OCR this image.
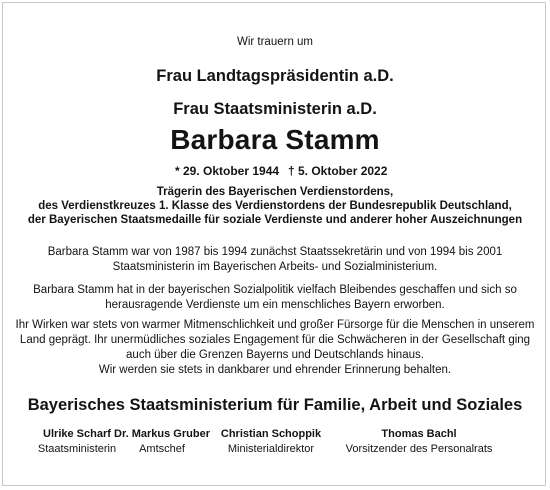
Wir trauern um
Frau Landtagspräsidentin a.D.
Frau Staatsministerin a.D.
Barbara Stamm
* 29. Oktober 1944 † 5. Oktober 2022
Trägerin des Bayerischen Verdienstordens,
des Verdienstkreuzes 1. Klasse des Verdienstordens der Bundesrepublik Deutschland,
der Bayerischen Staatsmedaille für soziale Verdienste und anderer hoher Auszeichnungen
Barbara Stamm war von 1987 bis 1994 zunächst Staatssekretärin und von 1994 bis 2001
Staatsministerin im Bayerischen Arbeits- und Sozialministerium.
Barbara Stamm hat in der bayerischen Sozialpolitik vielfach Bleibendes geschaffen und sich so
herausragende Verdienste um ein menschliches Bayern erworben.
Ihr Wirken war stets von warmer Mitmenschlichkeit und großer Fürsorge für die Menschen in unserem
Land geprägt. Ihr unermüdliches soziales Engagement für die Schwächeren in der Gesellschaft ging
auch über die Grenzen Bayerns und Deutschlands hinaus.
Wir werden sie stets in dankbarer und ehrender Erinnerung behalten.
Bayerisches Staatsministerium für Familie, Arbeit und Soziales
Ulrike Scharf
Staatsministerin
Dr. Markus Gruber
Amtschef
Christian Schoppik
Ministerialdirektor
Thomas Bachl
Vorsitzender des Personalrats
